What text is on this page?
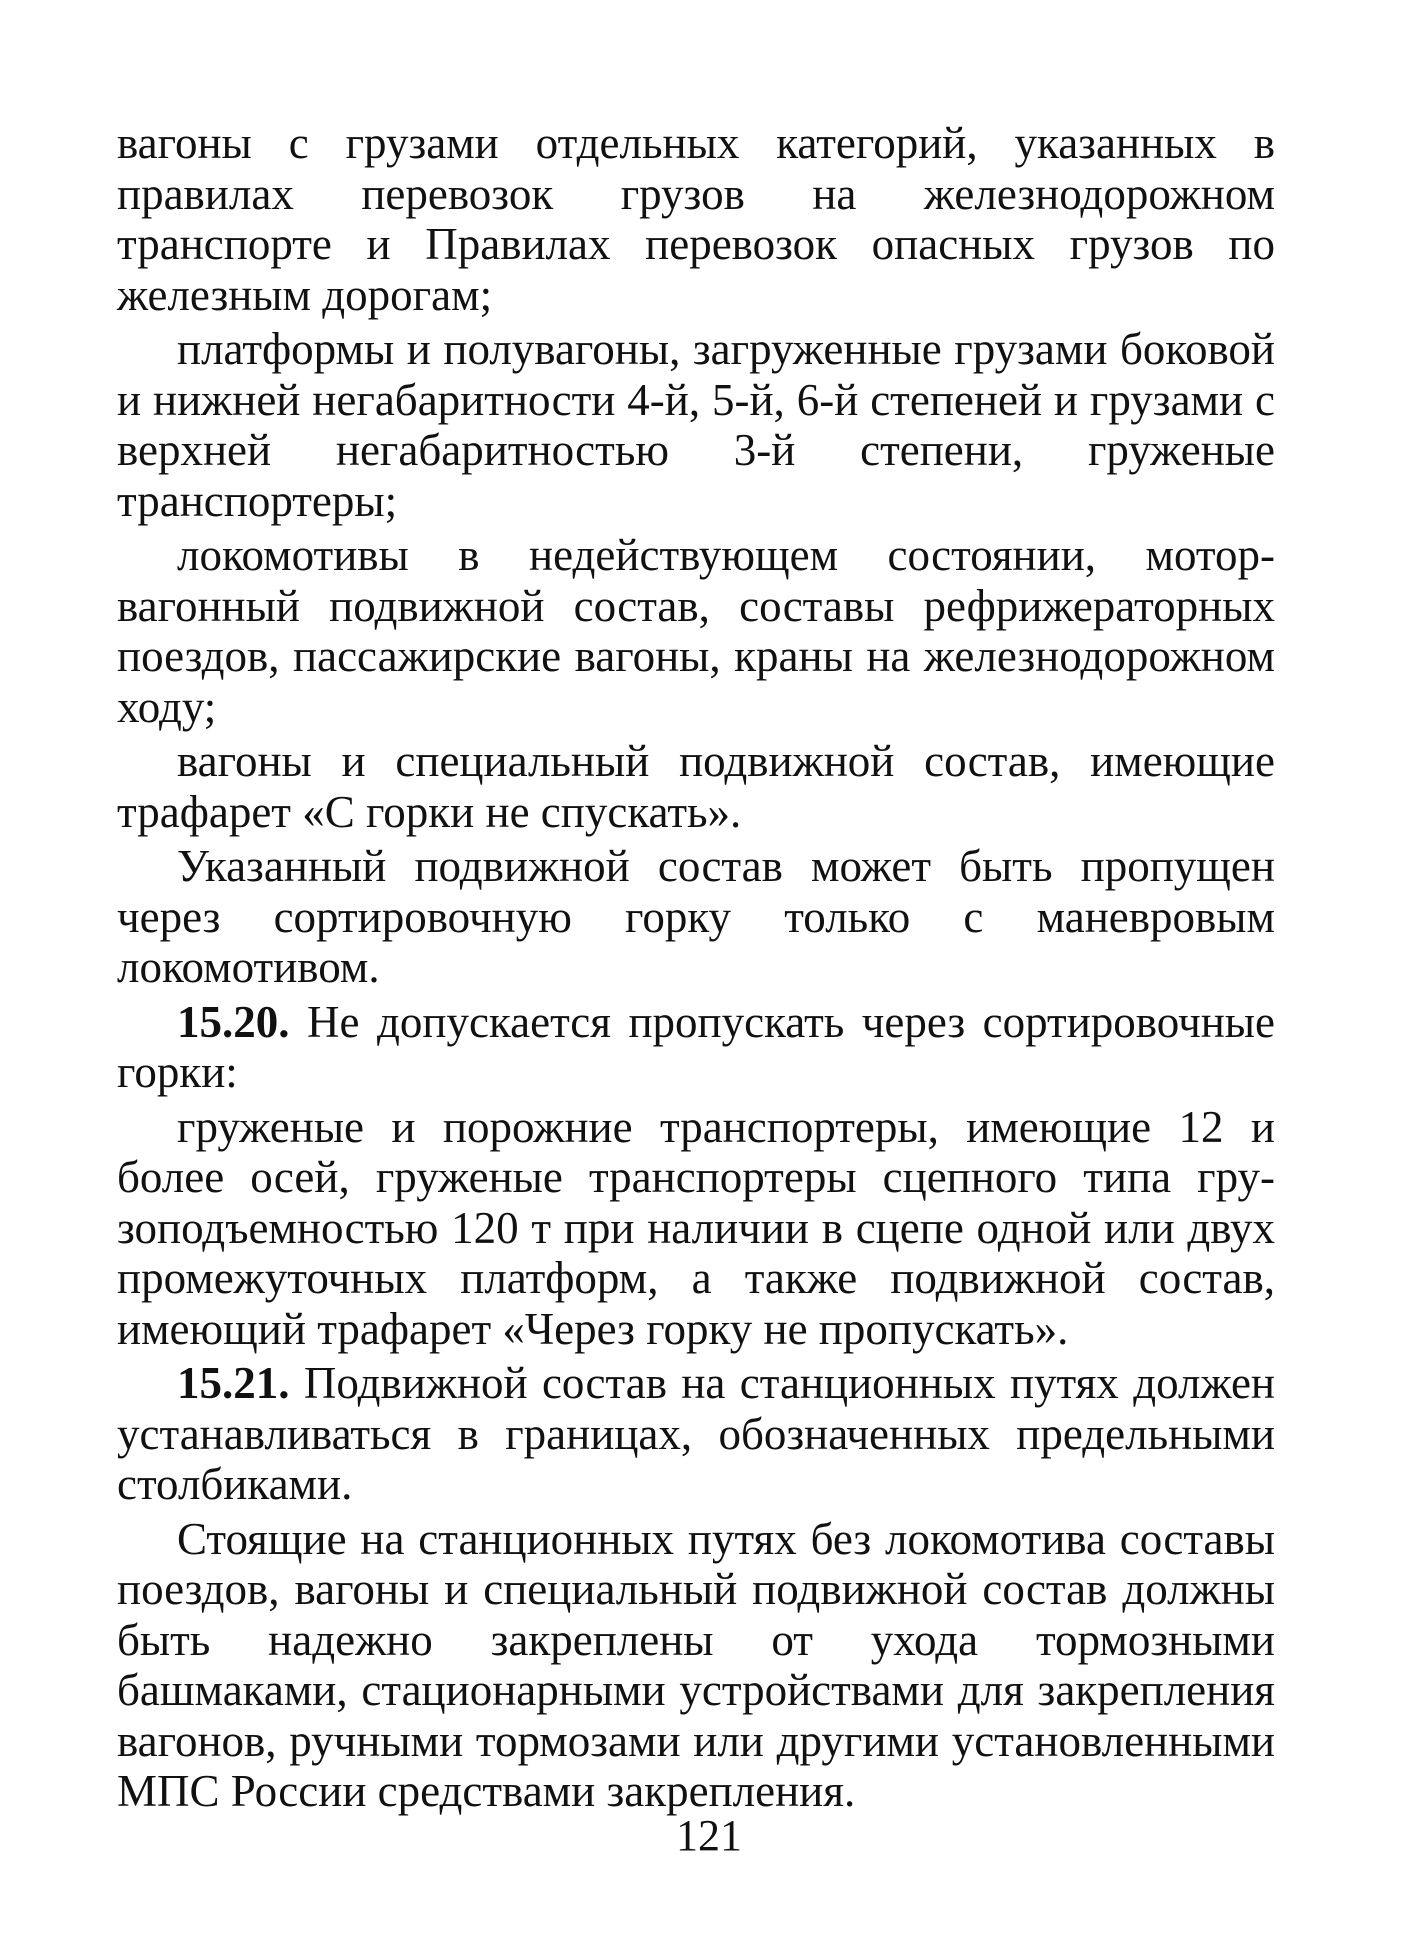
вагоны с грузами отдельных категорий, указанных в правилах перевозок грузов на железнодорожном транспорте и Правилах перевозок опасных грузов по железным дорогам;

платформы и полувагоны, загруженные грузами боковой и нижней негабаритности 4-й, 5-й, 6-й степеней и грузами с верхней негабаритностью 3-й степени, груженые транспортеры;

локомотивы в недействующем состоянии, моторвагонный подвижной состав, составы рефрижераторных поездов, пассажирские вагоны, краны на железнодорожном ходу;

вагоны и специальный подвижной состав, имеющие трафарет «С горки не спускать».

Указанный подвижной состав может быть пропущен через сортировочную горку только с маневровым локомотивом.

15.20. Не допускается пропускать через сортировочные горки:

груженые и порожние транспортеры, имеющие 12 и более осей, груженые транспортеры сцепного типа грузоподъемностью 120 т при наличии в сцепе одной или двух промежуточных платформ, а также подвижной состав, имеющий трафарет «Через горку не пропускать».

15.21. Подвижной состав на станционных путях должен устанавливаться в границах, обозначенных предельными столбиками.

Стоящие на станционных путях без локомотива составы поездов, вагоны и специальный подвижной состав должны быть надежно закреплены от ухода тормозными башмаками, стационарными устройствами для закрепления вагонов, ручными тормозами или другими установленными МПС России средствами закрепления.

121
